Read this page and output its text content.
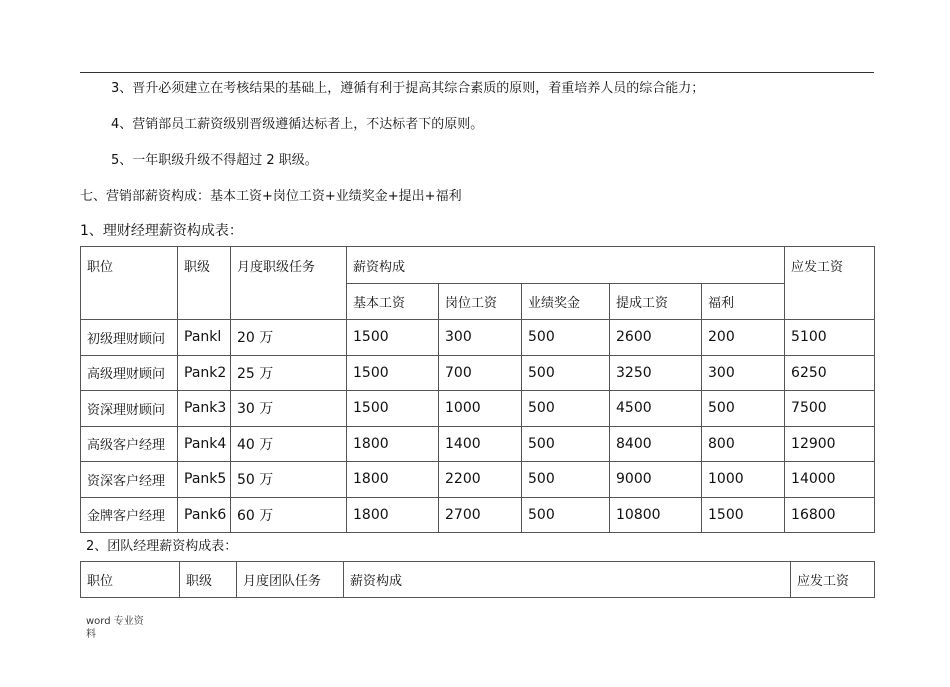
3、晋升必须建立在考核结果的基础上，遵循有利于提高其综合素质的原则，着重培养人员的综合能力；
4、营销部员工薪资级别晋级遵循达标者上，不达标者下的原则。
5、一年职级升级不得超过 2 职级。
七、营销部薪资构成：基本工资+岗位工资+业绩奖金+提出+福利
1、理财经理薪资构成表：
职位	职级	月度职级任务	薪资构成					应发工资
			基本工资	岗位工资	业绩奖金	提成工资	福利	
初级理财顾问	Pankl	20 万	1500	300	500	2600	200	5100
高级理财顾问	Pank2	25 万	1500	700	500	3250	300	6250
资深理财顾问	Pank3	30 万	1500	1000	500	4500	500	7500
高级客户经理	Pank4	40 万	1800	1400	500	8400	800	12900
资深客户经理	Pank5	50 万	1800	2200	500	9000	1000	14000
金牌客户经理	Pank6	60 万	1800	2700	500	10800	1500	16800
2、团队经理薪资构成表：
职位	职级	月度团队任务	薪资构成	应发工资
word 专业资料
